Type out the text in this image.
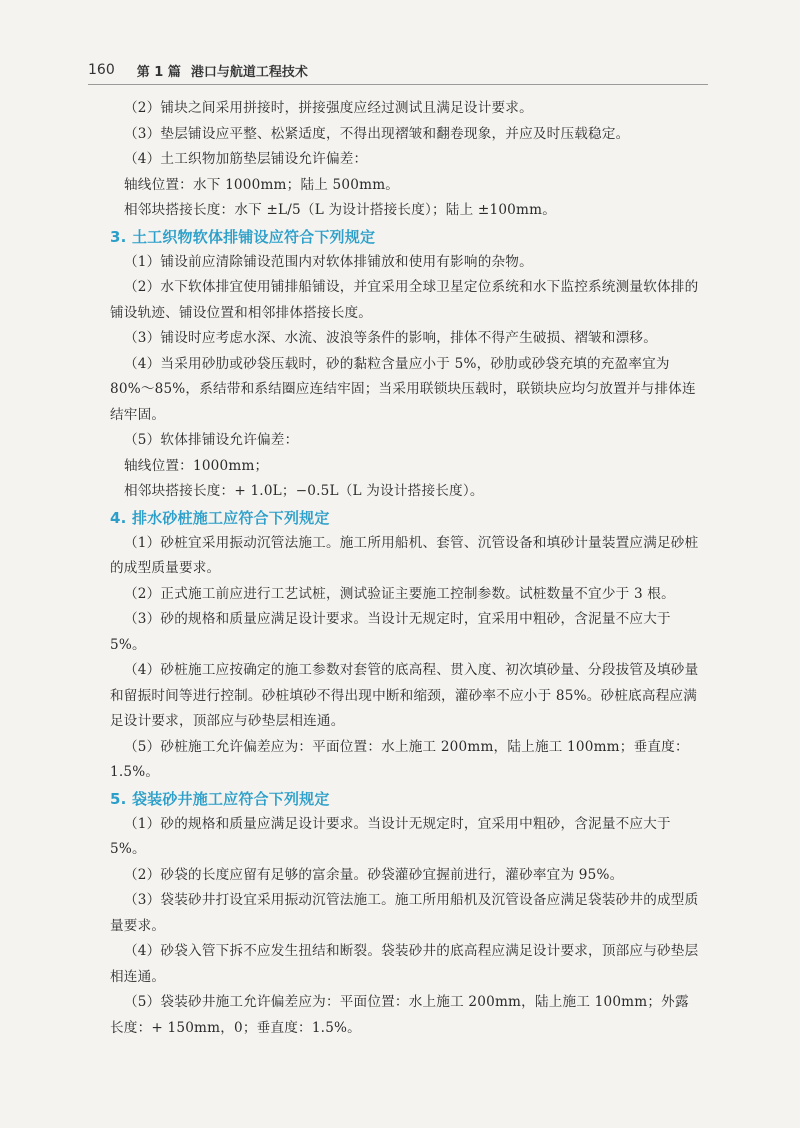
160 第 1 篇 港口与航道工程技术

（2）铺块之间采用拼接时，拼接强度应经过测试且满足设计要求。

（3）垫层铺设应平整、松紧适度，不得出现褶皱和翻卷现象，并应及时压载稳定。

（4）土工织物加筋垫层铺设允许偏差：

轴线位置：水下 1000mm；陆上 500mm。

相邻块搭接长度：水下 ±L/5（L 为设计搭接长度）；陆上 ±100mm。

3. 土工织物软体排铺设应符合下列规定

（1）铺设前应清除铺设范围内对软体排铺放和使用有影响的杂物。

（2）水下软体排宜使用铺排船铺设，并宜采用全球卫星定位系统和水下监控系统测量软体排的铺设轨迹、铺设位置和相邻排体搭接长度。

（3）铺设时应考虑水深、水流、波浪等条件的影响，排体不得产生破损、褶皱和漂移。

（4）当采用砂肋或砂袋压载时，砂的黏粒含量应小于 5%，砂肋或砂袋充填的充盈率宜为 80%～85%，系结带和系结圈应连结牢固；当采用联锁块压载时，联锁块应均匀放置并与排体连结牢固。

（5）软体排铺设允许偏差：

轴线位置：1000mm；

相邻块搭接长度：+ 1.0L；−0.5L（L 为设计搭接长度）。

4. 排水砂桩施工应符合下列规定

（1）砂桩宜采用振动沉管法施工。施工所用船机、套管、沉管设备和填砂计量装置应满足砂桩的成型质量要求。

（2）正式施工前应进行工艺试桩，测试验证主要施工控制参数。试桩数量不宜少于 3 根。

（3）砂的规格和质量应满足设计要求。当设计无规定时，宜采用中粗砂，含泥量不应大于 5%。

（4）砂桩施工应按确定的施工参数对套管的底高程、贯入度、初次填砂量、分段拔管及填砂量和留振时间等进行控制。砂桩填砂不得出现中断和缩颈，灌砂率不应小于 85%。砂桩底高程应满足设计要求，顶部应与砂垫层相连通。

（5）砂桩施工允许偏差应为：平面位置：水上施工 200mm，陆上施工 100mm；垂直度：1.5%。

5. 袋装砂井施工应符合下列规定

（1）砂的规格和质量应满足设计要求。当设计无规定时，宜采用中粗砂，含泥量不应大于 5%。

（2）砂袋的长度应留有足够的富余量。砂袋灌砂宜握前进行，灌砂率宜为 95%。

（3）袋装砂井打设宜采用振动沉管法施工。施工所用船机及沉管设备应满足袋装砂井的成型质量要求。

（4）砂袋入管下拆不应发生扭结和断裂。袋装砂井的底高程应满足设计要求，顶部应与砂垫层相连通。

（5）袋装砂井施工允许偏差应为：平面位置：水上施工 200mm，陆上施工 100mm；外露长度：+ 150mm，0；垂直度：1.5%。
